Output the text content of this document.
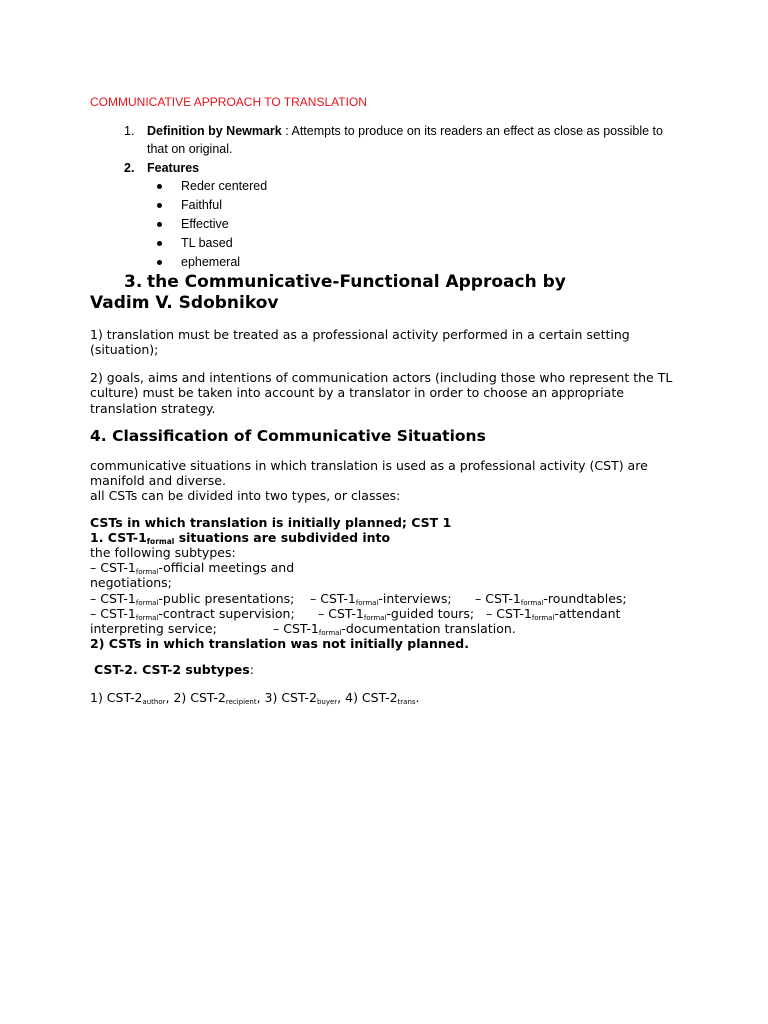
COMMUNICATIVE APPROACH TO TRANSLATION
1. Definition by Newmark : Attempts to produce on its readers an effect as close as possible to
that on original.
2. Features
Reder centered
Faithful
Effective
TL based
ephemeral
3. the Communicative-Functional Approach by
Vadim V. Sdobnikov
1) translation must be treated as a professional activity performed in a certain setting
(situation);
2) goals, aims and intentions of communication actors (including those who represent the TL
culture) must be taken into account by a translator in order to choose an appropriate
translation strategy.
4. Classification of Communicative Situations
communicative situations in which translation is used as a professional activity (CST) are
manifold and diverse.
all CSTs can be divided into two types, or classes:
CSTs in which translation is initially planned; CST 1
1. CST-1formal situations are subdivided into
the following subtypes:
– CST-1formal-official meetings and
negotiations;
– CST-1formal-public presentations; – CST-1formal-interviews; – CST-1formal-roundtables;
– CST-1formal-contract supervision; – CST-1formal-guided tours; – CST-1formal-attendant
interpreting service;	– CST-1formal-documentation translation.
2) CSTs in which translation was not initially planned.
CST-2. CST-2 subtypes:
1) CST-2author, 2) CST-2recipient, 3) CST-2buyer, 4) CST-2trans.
